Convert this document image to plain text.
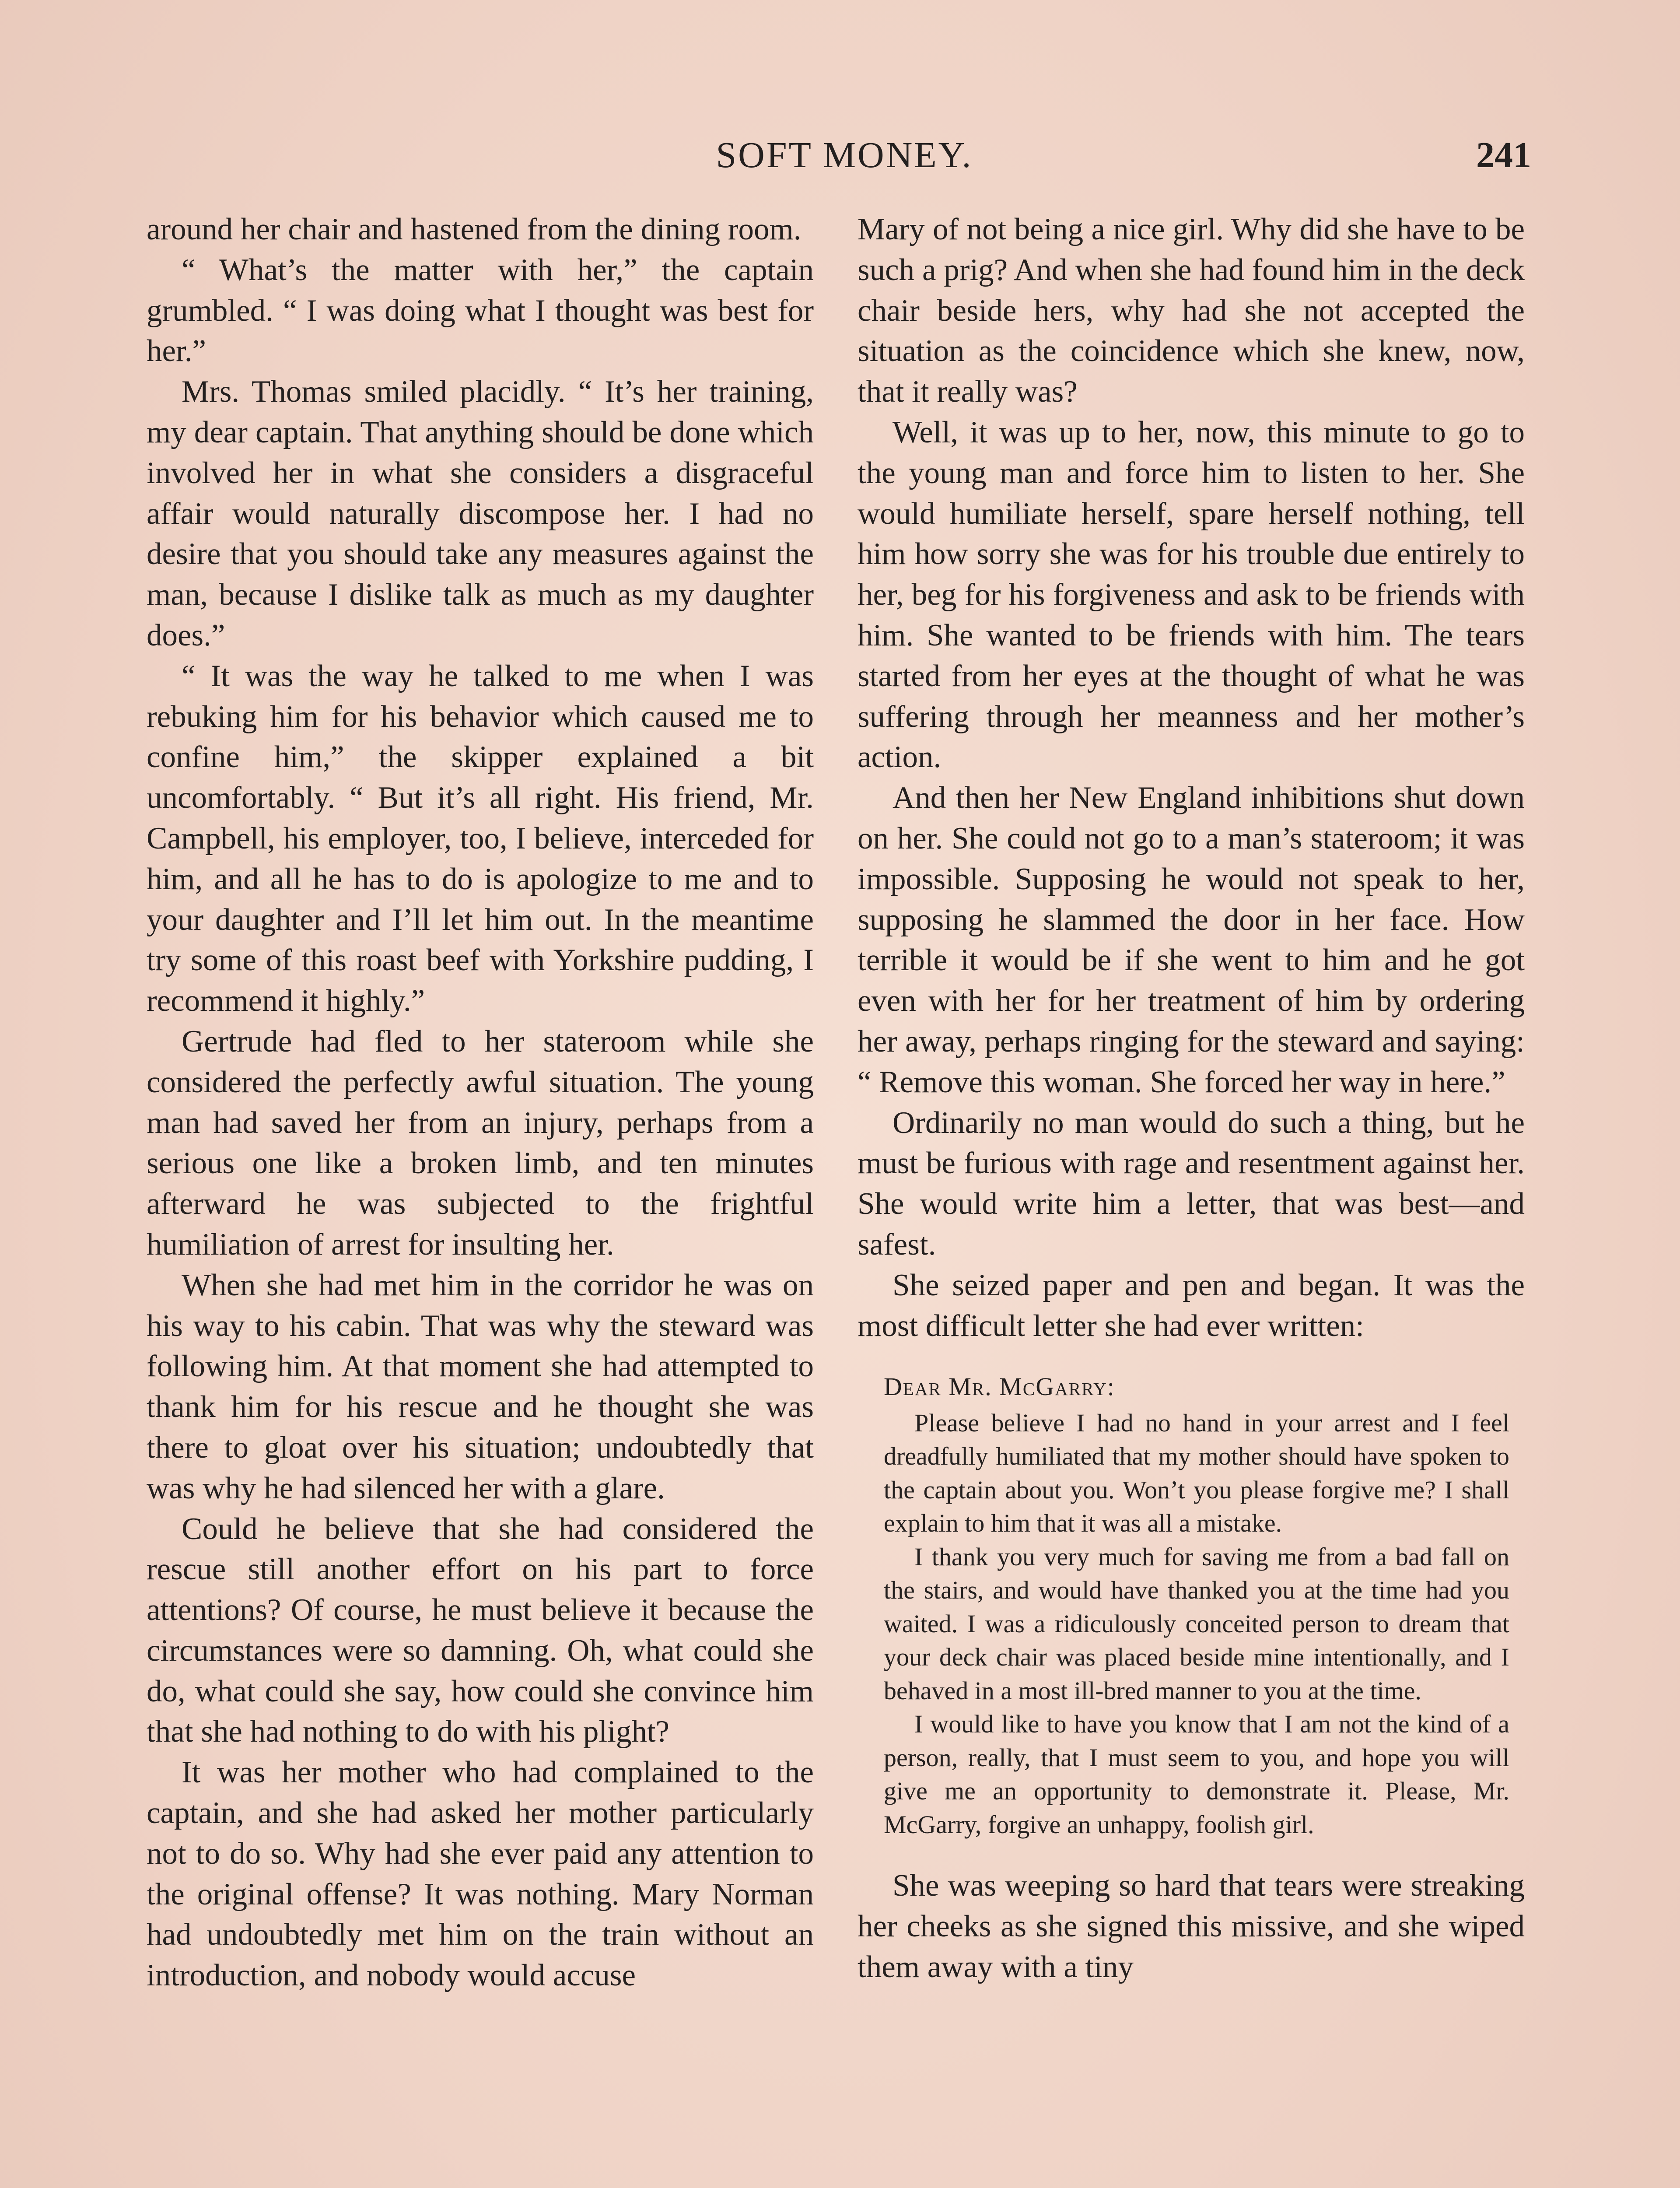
SOFT MONEY.	241

around her chair and hastened from the dining room.

“ What’s the matter with her,” the captain grumbled. “ I was doing what I thought was best for her.”

Mrs. Thomas smiled placidly. “ It’s her training, my dear captain. That anything should be done which involved her in what she considers a disgraceful affair would naturally discompose her. I had no desire that you should take any measures against the man, because I dislike talk as much as my daughter does.”

“ It was the way he talked to me when I was rebuking him for his behavior which caused me to confine him,” the skipper explained a bit uncomfortably. “ But it’s all right. His friend, Mr. Campbell, his employer, too, I believe, interceded for him, and all he has to do is apologize to me and to your daughter and I’ll let him out. In the meantime try some of this roast beef with Yorkshire pudding, I recommend it highly.”

Gertrude had fled to her stateroom while she considered the perfectly awful situation. The young man had saved her from an injury, perhaps from a serious one like a broken limb, and ten minutes afterward he was subjected to the frightful humiliation of arrest for insulting her.

When she had met him in the corridor he was on his way to his cabin. That was why the steward was following him. At that moment she had attempted to thank him for his rescue and he thought she was there to gloat over his situation; undoubtedly that was why he had silenced her with a glare.

Could he believe that she had considered the rescue still another effort on his part to force attentions? Of course, he must believe it because the circumstances were so damning. Oh, what could she do, what could she say, how could she convince him that she had nothing to do with his plight?

It was her mother who had complained to the captain, and she had asked her mother particularly not to do so. Why had she ever paid any attention to the original offense? It was nothing. Mary Norman had undoubtedly met him on the train without an introduction, and nobody would accuse

Mary of not being a nice girl. Why did she have to be such a prig? And when she had found him in the deck chair beside hers, why had she not accepted the situation as the coincidence which she knew, now, that it really was?

Well, it was up to her, now, this minute to go to the young man and force him to listen to her. She would humiliate herself, spare herself nothing, tell him how sorry she was for his trouble due entirely to her, beg for his forgiveness and ask to be friends with him. She wanted to be friends with him. The tears started from her eyes at the thought of what he was suffering through her meanness and her mother’s action.

And then her New England inhibitions shut down on her. She could not go to a man’s stateroom; it was impossible. Supposing he would not speak to her, supposing he slammed the door in her face. How terrible it would be if she went to him and he got even with her for her treatment of him by ordering her away, perhaps ringing for the steward and saying: “ Remove this woman. She forced her way in here.”

Ordinarily no man would do such a thing, but he must be furious with rage and resentment against her. She would write him a letter, that was best—and safest.

She seized paper and pen and began. It was the most difficult letter she had ever written:

Dear Mr. McGarry:

Please believe I had no hand in your arrest and I feel dreadfully humiliated that my mother should have spoken to the captain about you. Won’t you please forgive me? I shall explain to him that it was all a mistake.

I thank you very much for saving me from a bad fall on the stairs, and would have thanked you at the time had you waited. I was a ridiculously conceited person to dream that your deck chair was placed beside mine intentionally, and I behaved in a most ill-bred manner to you at the time.

I would like to have you know that I am not the kind of a person, really, that I must seem to you, and hope you will give me an opportunity to demonstrate it. Please, Mr. McGarry, forgive an unhappy, foolish girl.

She was weeping so hard that tears were streaking her cheeks as she signed this missive, and she wiped them away with a tiny
